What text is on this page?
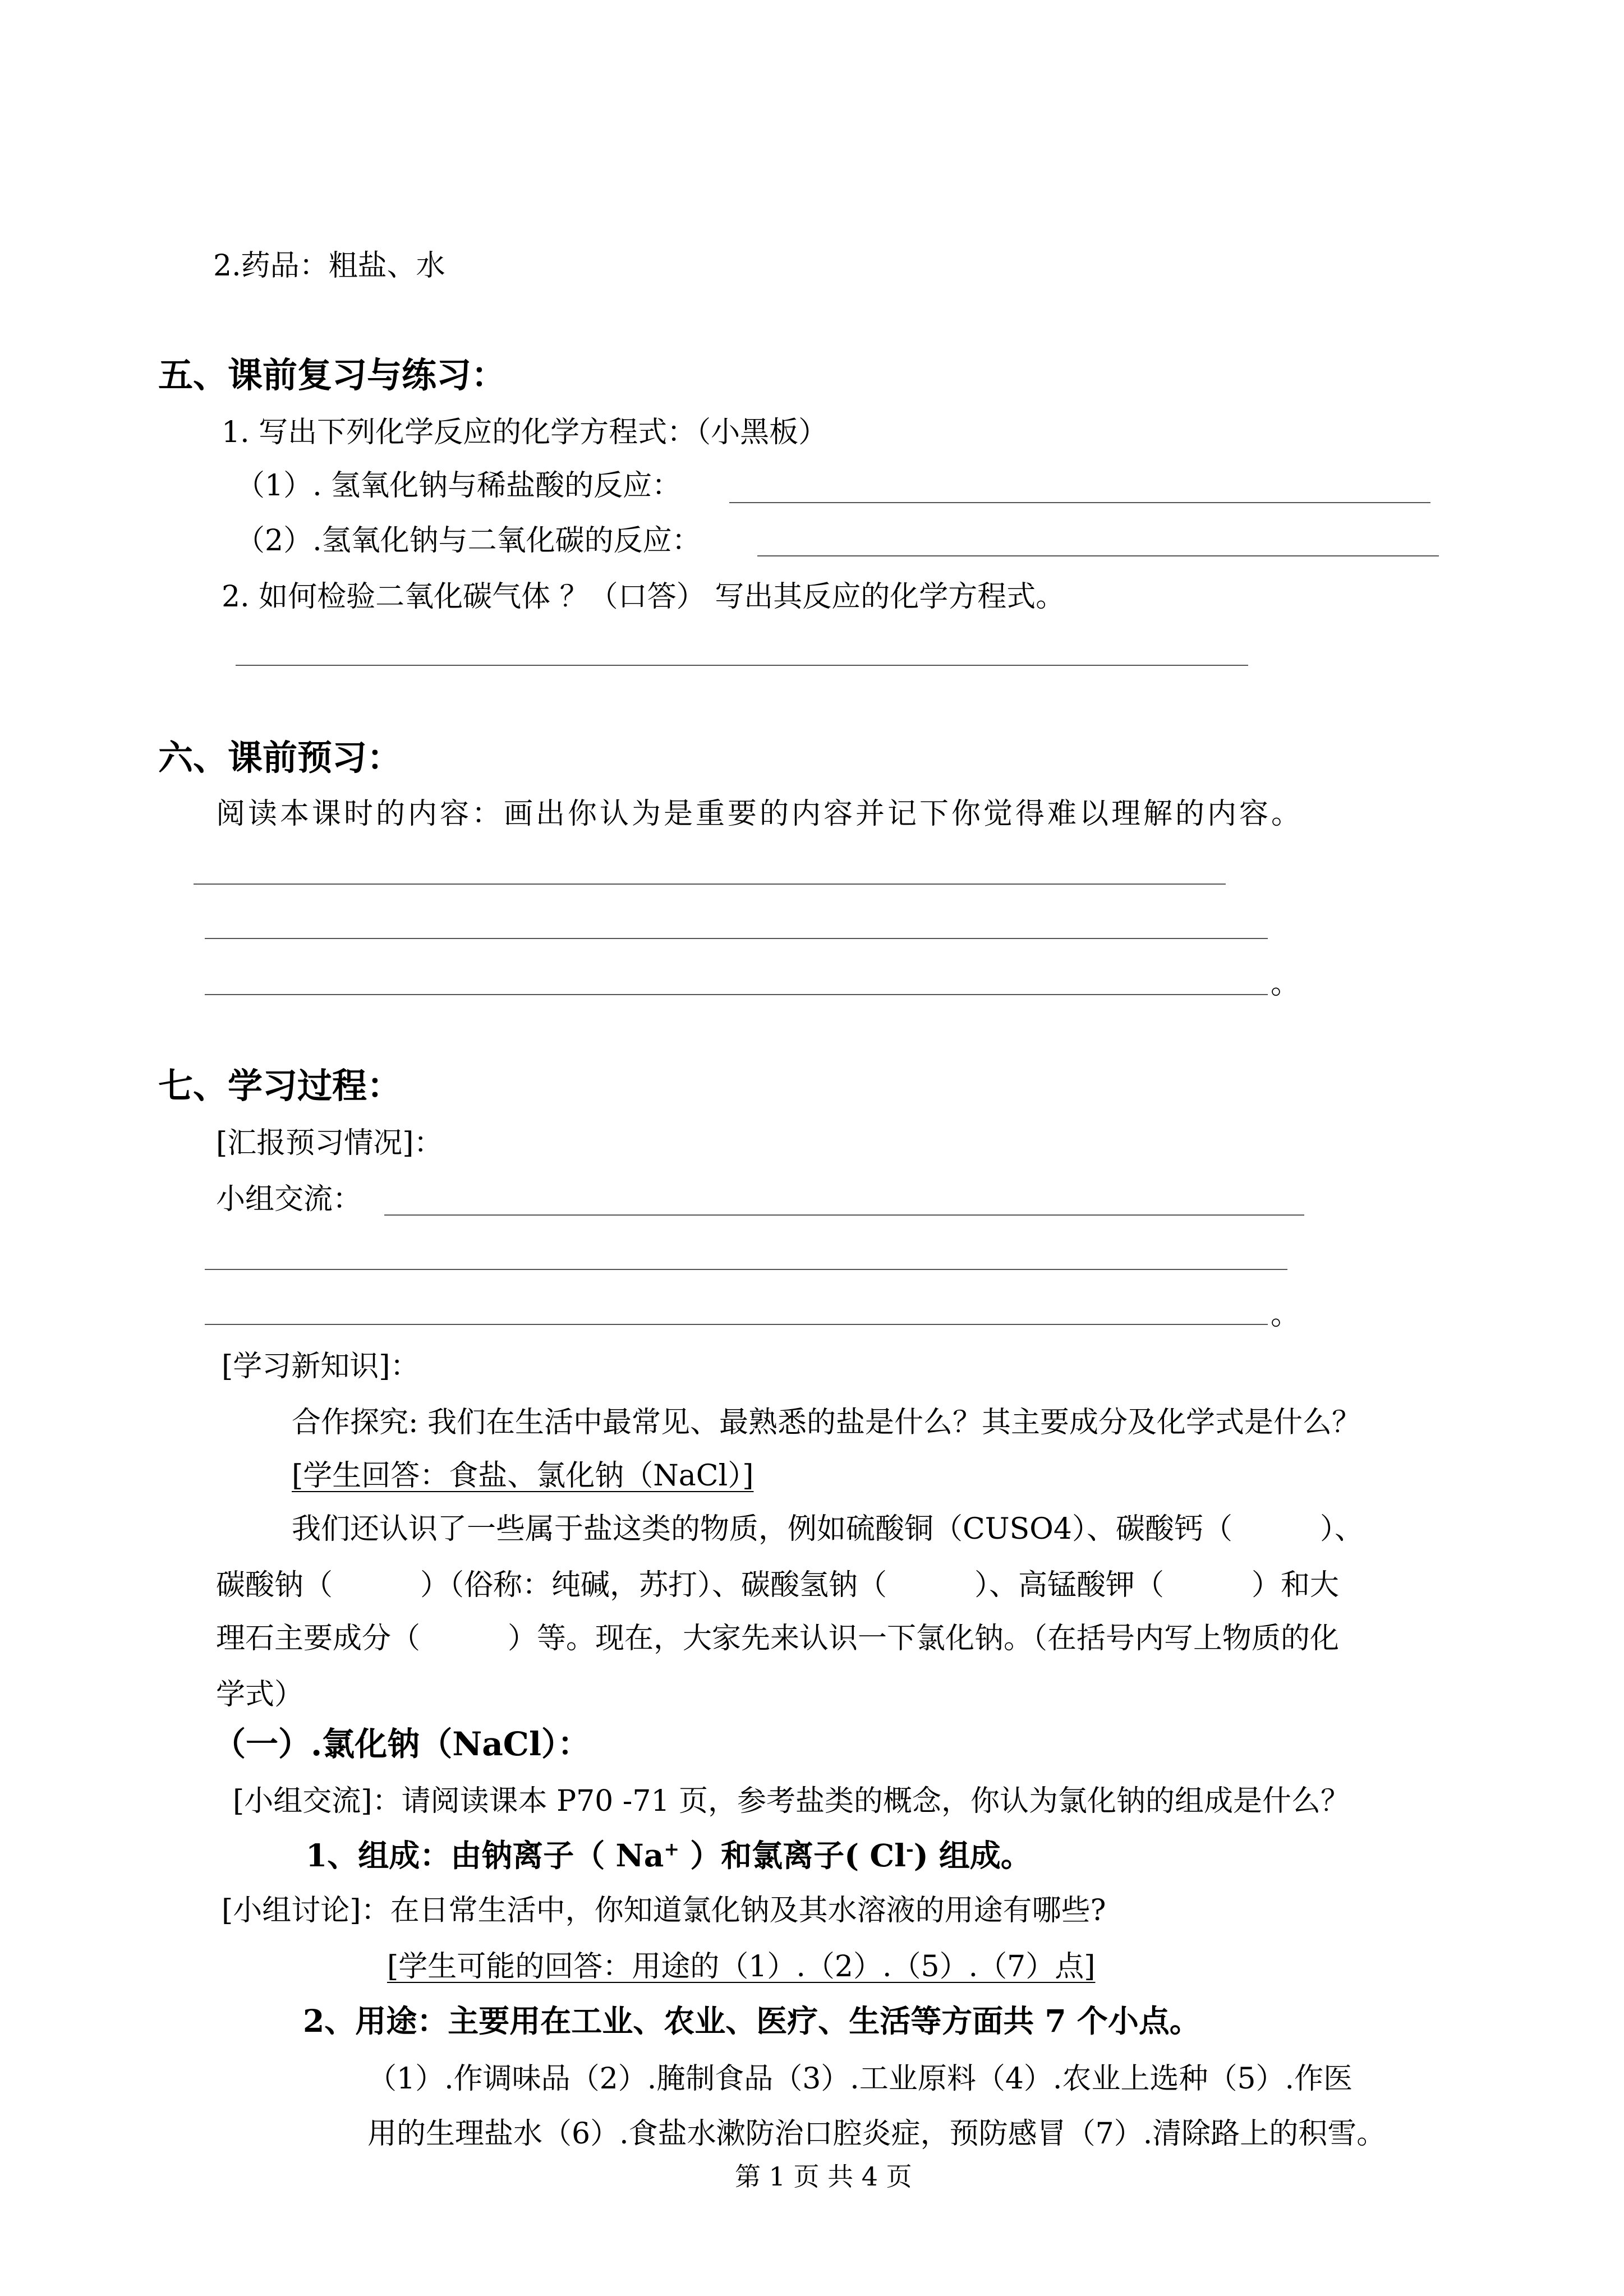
2.药品：粗盐、水
五、课前复习与练习：
1. 写出下列化学反应的化学方程式：（小黑板）
（1）. 氢氧化钠与稀盐酸的反应：
（2）.氢氧化钠与二氧化碳的反应：
2. 如何检验二氧化碳气体 ？（口答） 写出其反应的化学方程式。
六、课前预习：
阅读本课时的内容：画出你认为是重要的内容并记下你觉得难以理解的内容。
。
七、学习过程：
[汇报预习情况]：
小组交流：
。
[学习新知识]：
合作探究: 我们在生活中最常见、最熟悉的盐是什么？其主要成分及化学式是什么？
[学生回答：食盐、氯化钠（NaCl）]
我们还认识了一些属于盐这类的物质，例如硫酸铜（CUSO4）、碳酸钙（　　　）、
碳酸钠（　　　）（俗称：纯碱，苏打）、碳酸氢钠（　　　）、高锰酸钾（　　　）和大
理石主要成分（　　　）等。现在，大家先来认识一下氯化钠。（在括号内写上物质的化
学式）
（一）.氯化钠（NaCl）：
[小组交流]：请阅读课本 P70 -71 页，参考盐类的概念，你认为氯化钠的组成是什么？
1、组成：由钠离子（ Na+ ）和氯离子( Cl-) 组成。
[小组讨论]：在日常生活中，你知道氯化钠及其水溶液的用途有哪些?
[学生可能的回答：用途的（1）.（2）.（5）.（7）点]
2、用途：主要用在工业、农业、医疗、生活等方面共 7 个小点。
（1）.作调味品（2）.腌制食品（3）.工业原料（4）.农业上选种（5）.作医
用的生理盐水（6）.食盐水漱防治口腔炎症，预防感冒（7）.清除路上的积雪。
第 1 页 共 4 页
